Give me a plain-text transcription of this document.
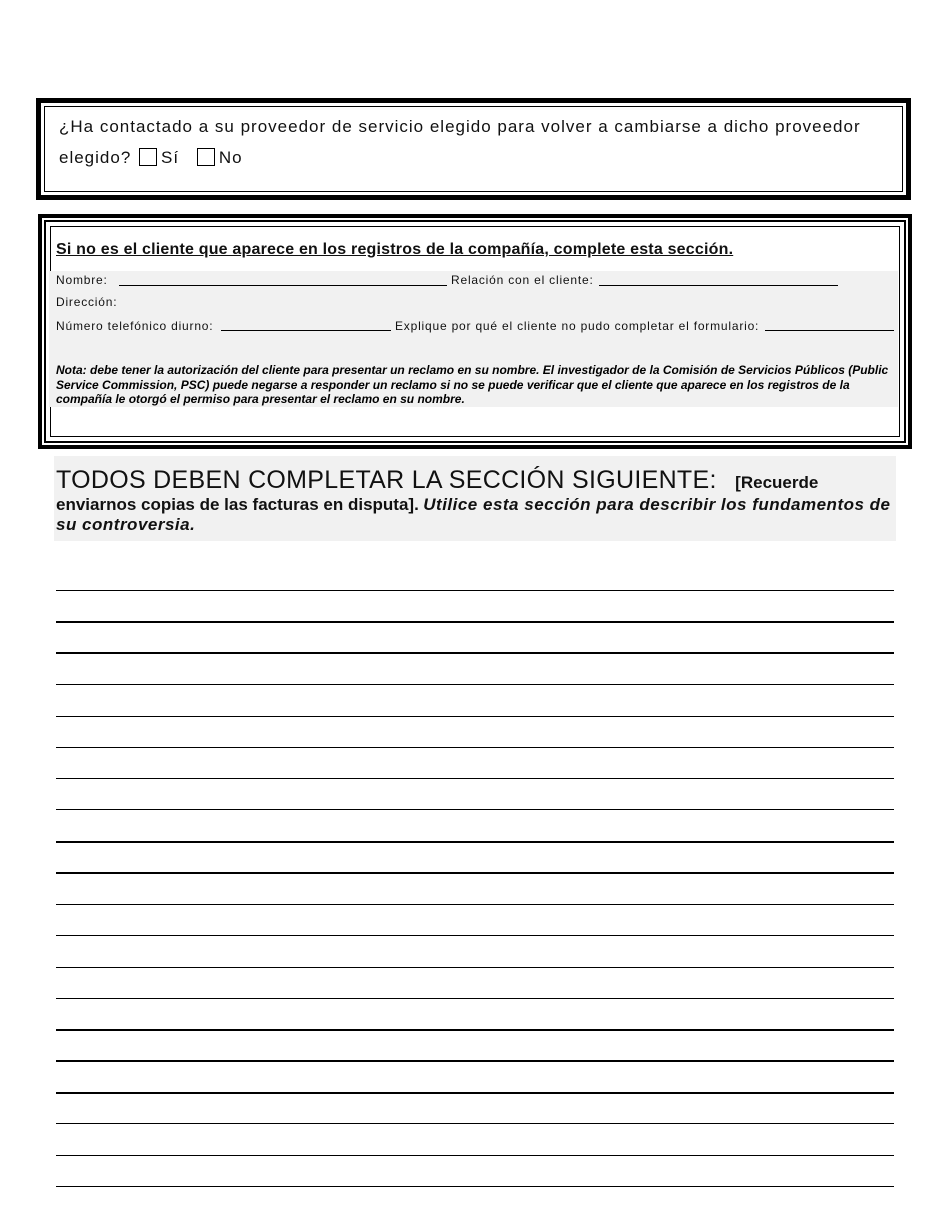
¿Ha contactado a su proveedor de servicio elegido para volver a cambiarse a dicho proveedor elegido? Sí No
Si no es el cliente que aparece en los registros de la compañía, complete esta sección.
Nombre:	Relación con el cliente:
Dirección:
Número telefónico diurno:	Explique por qué el cliente no pudo completar el formulario:
Nota: debe tener la autorización del cliente para presentar un reclamo en su nombre. El investigador de la Comisión de Servicios Públicos (Public Service Commission, PSC) puede negarse a responder un reclamo si no se puede verificar que el cliente que aparece en los registros de la compañía le otorgó el permiso para presentar el reclamo en su nombre.
TODOS DEBEN COMPLETAR LA SECCIÓN SIGUIENTE: [Recuerde enviarnos copias de las facturas en disputa]. Utilice esta sección para describir los fundamentos de su controversia.
